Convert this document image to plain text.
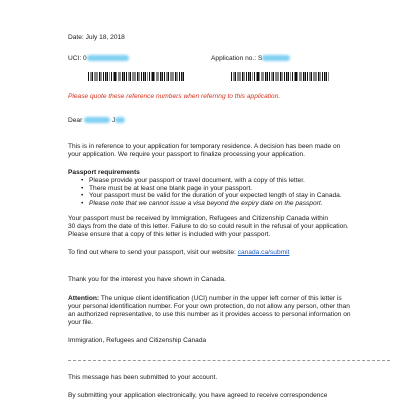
Date: July 18, 2018
UCI: 0	Application no.: S
Please quote these reference numbers when referring to this application.
Dear	J
This is in reference to your application for temporary residence. A decision has been made on
your application. We require your passport to finalize processing your application.
Passport requirements
• Please provide your passport or travel document, with a copy of this letter.
• There must be at least one blank page in your passport.
• Your passport must be valid for the duration of your expected length of stay in Canada.
• Please note that we cannot issue a visa beyond the expiry date on the passport.
Your passport must be received by Immigration, Refugees and Citizenship Canada within
30 days from the date of this letter. Failure to do so could result in the refusal of your application.
Please ensure that a copy of this letter is included with your passport.
To find out where to send your passport, visit our website: canada.ca/submit
Thank you for the interest you have shown in Canada.
Attention: The unique client identification (UCI) number in the upper left corner of this letter is
your personal identification number. For your own protection, do not allow any person, other than
an authorized representative, to use this number as it provides access to personal information on
your file.
Immigration, Refugees and Citizenship Canada
This message has been submitted to your account.
By submitting your application electronically, you have agreed to receive correspondence
